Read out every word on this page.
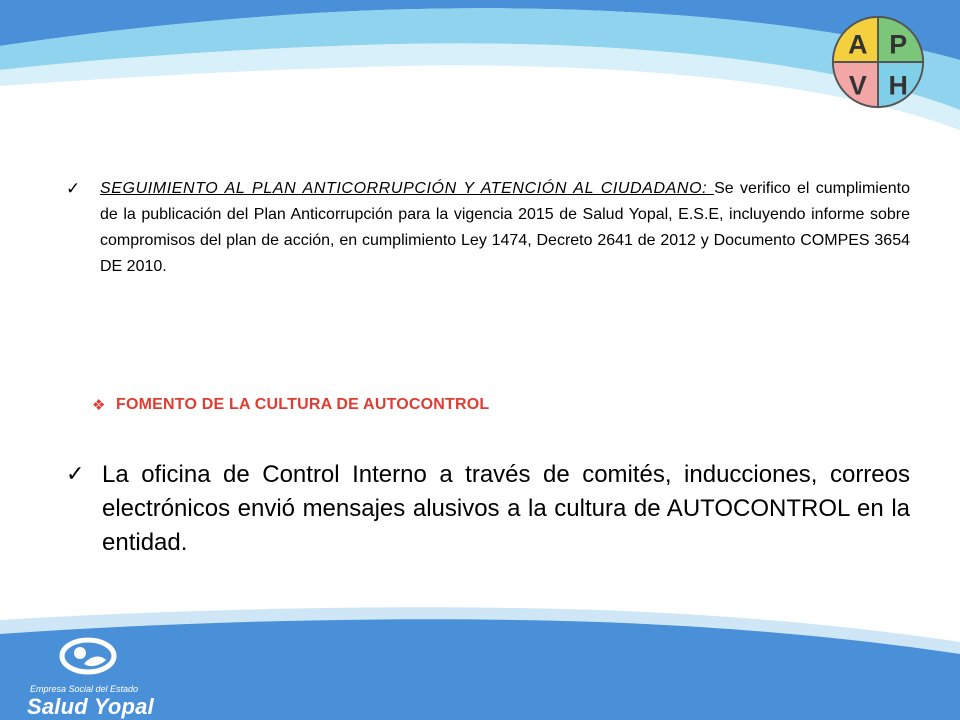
A P
V H
✓	SEGUIMIENTO AL PLAN ANTICORRUPCIÓN Y ATENCIÓN AL CIUDADANO: Se verifico el cumplimiento de la publicación del Plan Anticorrupción para la vigencia 2015 de Salud Yopal, E.S.E, incluyendo informe sobre compromisos del plan de acción, en cumplimiento Ley 1474, Decreto 2641 de 2012 y Documento COMPES 3654 DE 2010.

❖ FOMENTO DE LA CULTURA DE AUTOCONTROL
✓ La oficina de Control Interno a través de comités, inducciones, correos electrónicos envió mensajes alusivos a la cultura de AUTOCONTROL en la entidad.

Empresa Social del Estado
Salud Yopal
